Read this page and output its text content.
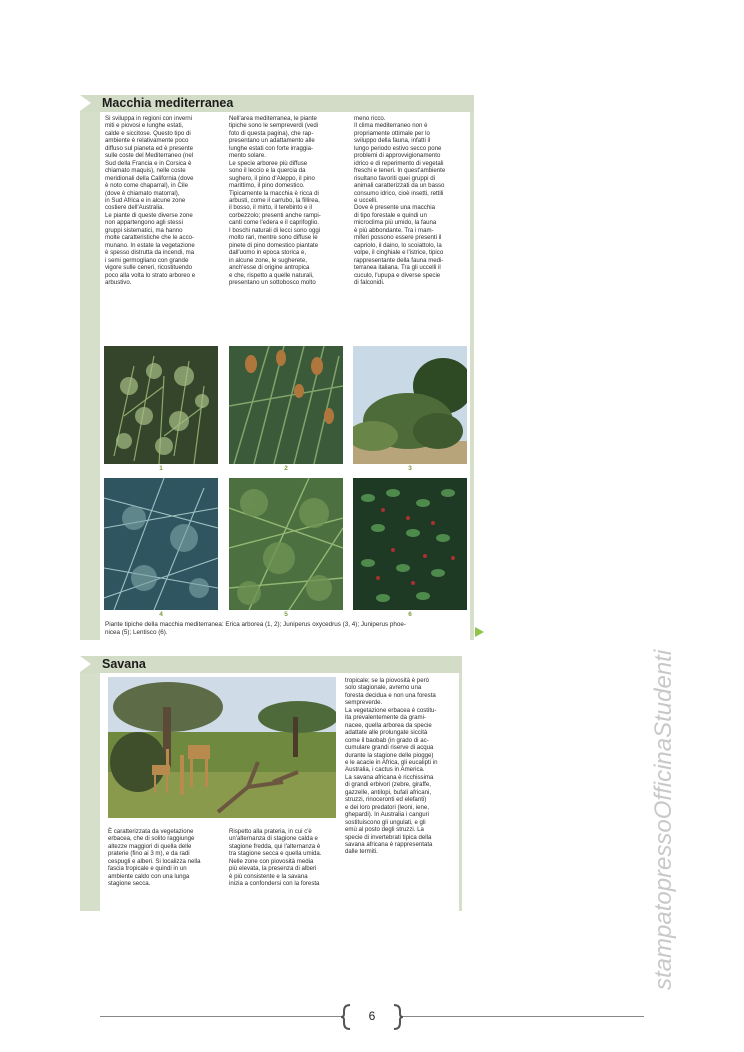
Macchia mediterranea
Si sviluppa in regioni con inverni
miti e piovosi e lunghe estati,
calde e siccitose. Questo tipo di
ambiente è relativamente poco
diffuso sul pianeta ed è presente
sulle coste del Mediterraneo (nel
Sud della Francia e in Corsica è
chiamato maquis), nelle coste
meridionali della California (dove
è noto come chaparral), in Cile
(dove è chiamato matorral),
in Sud Africa e in alcune zone
costiere dell'Australia.
Le piante di queste diverse zone
non appartengono agli stessi
gruppi sistematici, ma hanno
molte caratteristiche che le acco-
munano. In estate la vegetazione
è spesso distrutta da incendi, ma
i semi germogliano con grande
vigore sulle ceneri, ricostituendo
poco alla volta lo strato arboreo e
arbustivo.
Nell'area mediterranea, le piante
tipiche sono le sempreverdi (vedi
foto di questa pagina), che rap-
presentano un adattamento alle
lunghe estati con forte irraggia-
mento solare.
Le specie arboree più diffuse
sono il leccio e la quercia da
sughero, il pino d'Aleppo, il pino
marittimo, il pino domestico.
Tipicamente la macchia è ricca di
arbusti, come il carrubo, la fillirea,
il bosso, il mirto, il terebinto e il
corbezzolo; presenti anche rampi-
canti come l'edera e il caprifoglio.
I boschi naturali di lecci sono oggi
molto rari, mentre sono diffuse le
pinete di pino domestico piantate
dall'uomo in epoca storica e,
in alcune zone, le sugherete,
anch'esse di origine antropica
e che, rispetto a quelle naturali,
presentano un sottobosco molto
meno ricco.
Il clima mediterraneo non è
propriamente ottimale per lo
sviluppo della fauna, infatti il
lungo periodo estivo secco pone
problemi di approvvigionamento
idrico e di reperimento di vegetali
freschi e teneri. In quest'ambiente
risultano favoriti quei gruppi di
animali caratterizzati da un basso
consumo idrico, cioè insetti, rettili
e uccelli.
Dove è presente una macchia
di tipo forestale e quindi un
microclima più umido, la fauna
è più abbondante. Tra i mam-
miferi possono essere presenti il
capriolo, il daino, lo scoiattolo, la
volpe, il cinghiale e l'istrice, tipico
rappresentante della fauna medi-
terranea italiana. Tra gli uccelli il
cuculo, l'upupa e diverse specie
di falconidi.
1	2	3
4	5	6
Piante tipiche della macchia mediterranea: Erica arborea (1, 2); Juniperus oxycedrus (3, 4); Juniperus phoe-
nicea (5); Lentisco (6).
Savana
tropicale; se la piovosità è però
solo stagionale, avremo una
foresta decidua e non una foresta
sempreverde.
La vegetazione erbacea è costitu-
ita prevalentemente da grami-
nacee, quella arborea da specie
adattate alle prolungate siccità
come il baobab (in grado di ac-
cumulare grandi riserve di acqua
durante la stagione delle piogge)
e le acacie in Africa, gli eucalipti in
Australia, i cactus in America.
La savana africana è ricchissima
di grandi erbivori (zebre, giraffe,
gazzelle, antilopi, bufali africani,
struzzi, rinoceronti ed elefanti)
e dei loro predatori (leoni, iene,
ghepardi). In Australia i canguri
sostituiscono gli ungulati, e gli
emù al posto degli struzzi. La
specie di invertebrati tipica della
savana africana è rappresentata
dalle termiti.
È caratterizzata da vegetazione
erbacea, che di solito raggiunge
altezze maggiori di quella delle
praterie (fino ai 3 m), e da radi
cespugli e alberi. Si localizza nella
fascia tropicale e quindi in un
ambiente caldo con una lunga
stagione secca.
Rispetto alla prateria, in cui c'è
un'alternanza di stagione calda e
stagione fredda, qui l'alternanza è
tra stagione secca e quella umida.
Nelle zone con piovosità media
più elevata, la presenza di alberi
è più consistente e la savana
inizia a confondersi con la foresta	stampatopressoOfficinaStudenti
6
